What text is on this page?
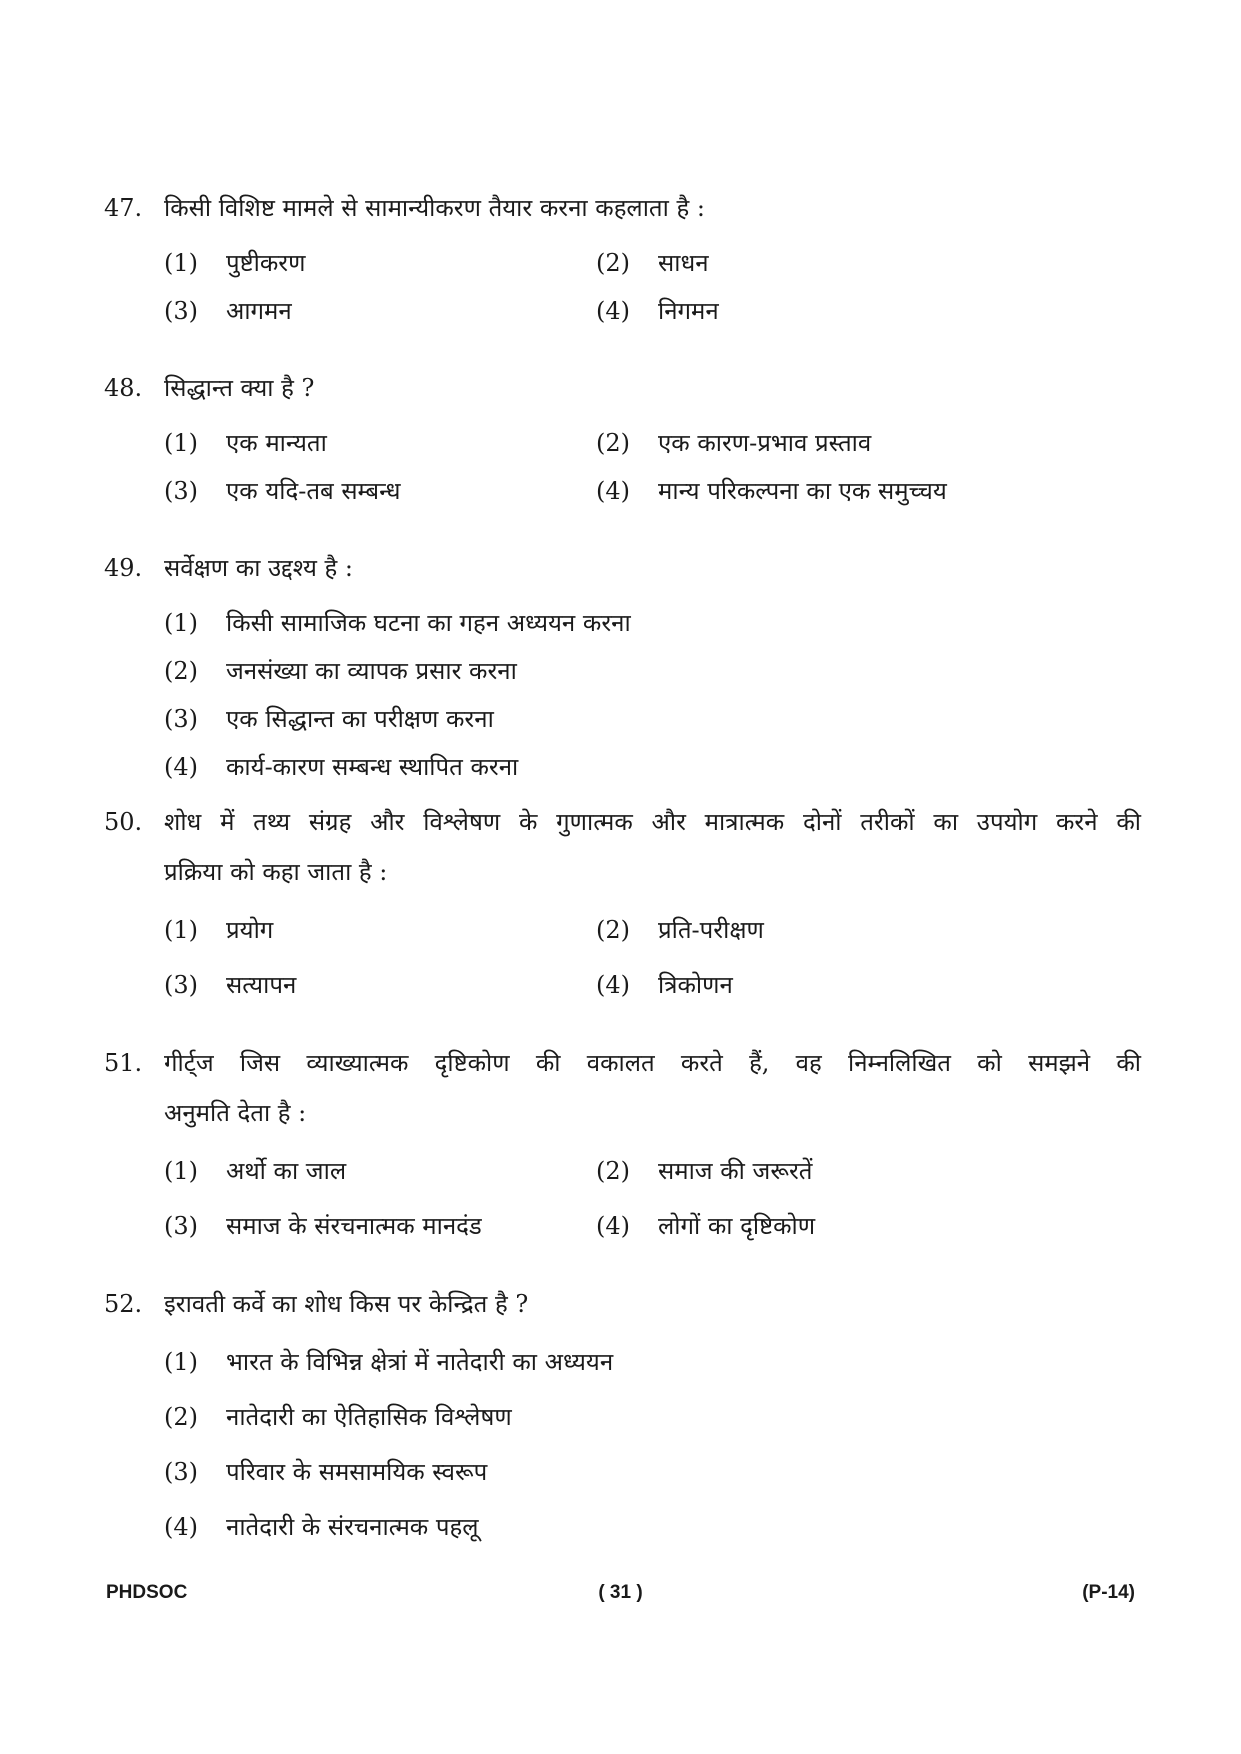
47. किसी विशिष्ट मामले से सामान्यीकरण तैयार करना कहलाता है :
(1)	पुष्टीकरण	(2)	साधन
(3)	आगमन	(4)	निगमन
48. सिद्धान्त क्या है ?
(1)	एक मान्यता	(2)	एक कारण-प्रभाव प्रस्ताव
(3)	एक यदि-तब सम्बन्ध	(4)	मान्य परिकल्पना का एक समुच्चय
49. सर्वेक्षण का उद्दश्य है :
(1)	किसी सामाजिक घटना का गहन अध्ययन करना
(2)	जनसंख्या का व्यापक प्रसार करना
(3)	एक सिद्धान्त का परीक्षण करना
(4)	कार्य-कारण सम्बन्ध स्थापित करना
50. शोध में तथ्य संग्रह और विश्लेषण के गुणात्मक और मात्रात्मक दोनों तरीकों का उपयोग करने की
प्रक्रिया को कहा जाता है :
(1)	प्रयोग	(2)	प्रति-परीक्षण
(3)	सत्यापन	(4)	त्रिकोणन
51. गीर्ट्ज जिस व्याख्यात्मक दृष्टिकोण की वकालत करते हैं, वह निम्नलिखित को समझने की
अनुमति देता है :
(1)	अर्थो का जाल	(2)	समाज की जरूरतें
(3)	समाज के संरचनात्मक मानदंड	(4)	लोगों का दृष्टिकोण
52. इरावती कर्वे का शोध किस पर केन्द्रित है ?
(1)	भारत के विभिन्न क्षेत्रां में नातेदारी का अध्ययन
(2)	नातेदारी का ऐतिहासिक विश्लेषण
(3)	परिवार के समसामयिक स्वरूप
(4)	नातेदारी के संरचनात्मक पहलू
PHDSOC	( 31 )	(P-14)
